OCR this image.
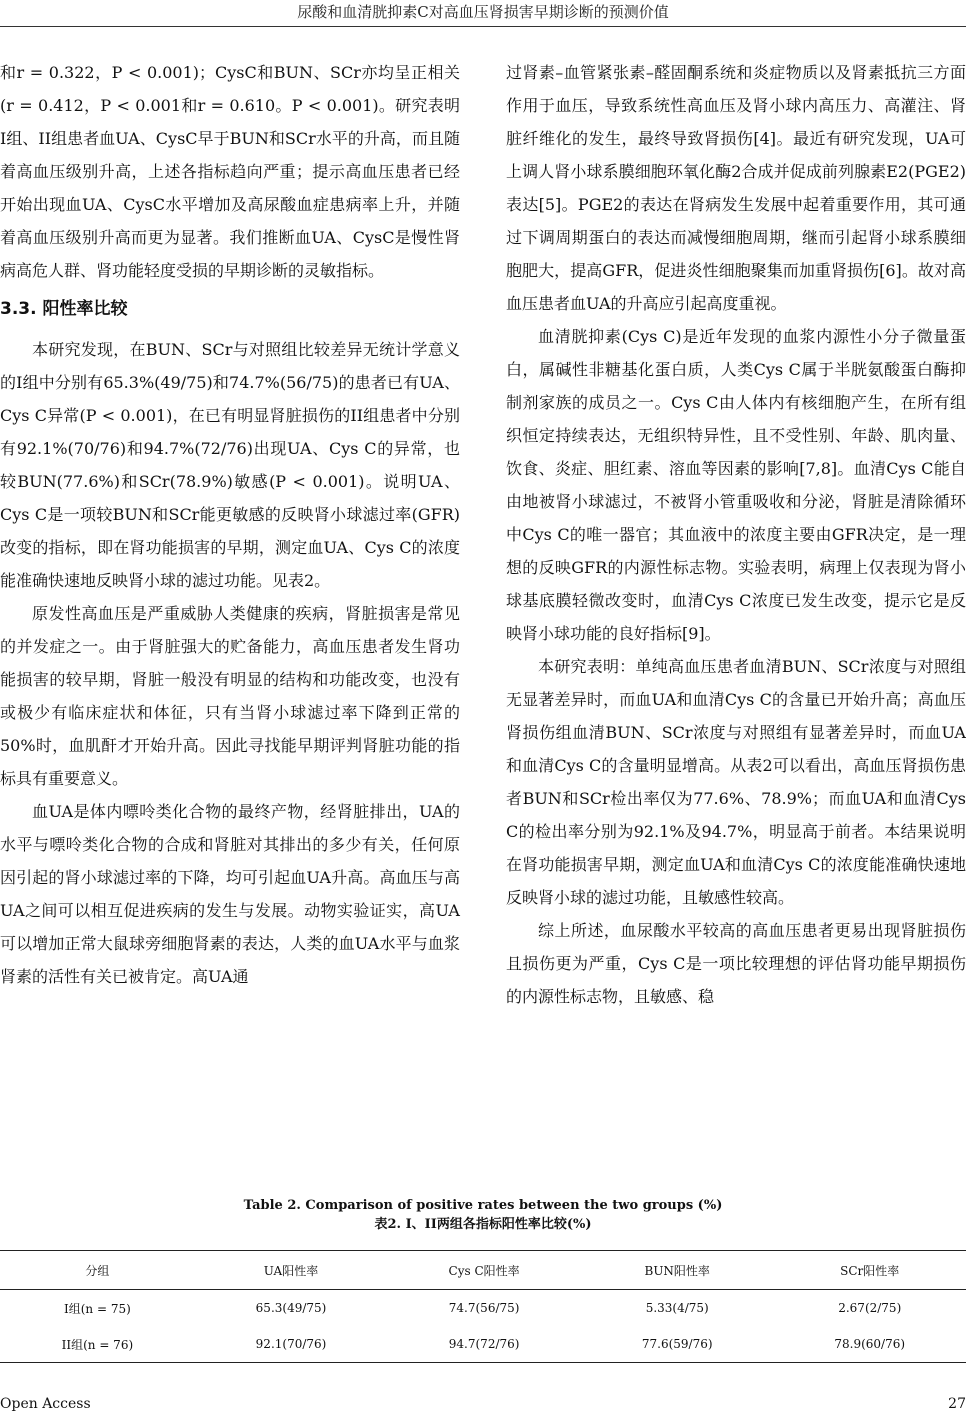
尿酸和血清胱抑素C对高血压肾损害早期诊断的预测价值

和r = 0.322，P < 0.001)；CysC和BUN、SCr亦均呈正相关(r = 0.412，P < 0.001和r = 0.610。P < 0.001)。研究表明I组、II组患者血UA、CysC早于BUN和SCr水平的升高，而且随着高血压级别升高，上述各指标趋向严重；提示高血压患者已经开始出现血UA、CysC水平增加及高尿酸血症患病率上升，并随着高血压级别升高而更为显著。我们推断血UA、CysC是慢性肾病高危人群、肾功能轻度受损的早期诊断的灵敏指标。

3.3. 阳性率比较

本研究发现，在BUN、SCr与对照组比较差异无统计学意义的I组中分别有65.3%(49/75)和74.7%(56/75)的患者已有UA、Cys C异常(P < 0.001)，在已有明显肾脏损伤的II组患者中分别有92.1%(70/76)和94.7%(72/76)出现UA、Cys C的异常，也较BUN(77.6%)和SCr(78.9%)敏感(P < 0.001)。说明UA、Cys C是一项较BUN和SCr能更敏感的反映肾小球滤过率(GFR)改变的指标，即在肾功能损害的早期，测定血UA、Cys C的浓度能准确快速地反映肾小球的滤过功能。见表2。

原发性高血压是严重威胁人类健康的疾病，肾脏损害是常见的并发症之一。由于肾脏强大的贮备能力，高血压患者发生肾功能损害的较早期，肾脏一般没有明显的结构和功能改变，也没有或极少有临床症状和体征，只有当肾小球滤过率下降到正常的50%时，血肌酐才开始升高。因此寻找能早期评判肾脏功能的指标具有重要意义。

血UA是体内嘌呤类化合物的最终产物，经肾脏排出，UA的水平与嘌呤类化合物的合成和肾脏对其排出的多少有关，任何原因引起的肾小球滤过率的下降，均可引起血UA升高。高血压与高UA之间可以相互促进疾病的发生与发展。动物实验证实，高UA可以增加正常大鼠球旁细胞肾素的表达，人类的血UA水平与血浆肾素的活性有关已被肯定。高UA通

过肾素–血管紧张素–醛固酮系统和炎症物质以及肾素抵抗三方面作用于血压，导致系统性高血压及肾小球内高压力、高灌注、肾脏纤维化的发生，最终导致肾损伤[4]。最近有研究发现，UA可上调人肾小球系膜细胞环氧化酶2合成并促成前列腺素E2(PGE2)表达[5]。PGE2的表达在肾病发生发展中起着重要作用，其可通过下调周期蛋白的表达而减慢细胞周期，继而引起肾小球系膜细胞肥大，提高GFR，促进炎性细胞聚集而加重肾损伤[6]。故对高血压患者血UA的升高应引起高度重视。

血清胱抑素(Cys C)是近年发现的血浆内源性小分子微量蛋白，属碱性非糖基化蛋白质，人类Cys C属于半胱氨酸蛋白酶抑制剂家族的成员之一。Cys C由人体内有核细胞产生，在所有组织恒定持续表达，无组织特异性，且不受性别、年龄、肌肉量、饮食、炎症、胆红素、溶血等因素的影响[7,8]。血清Cys C能自由地被肾小球滤过，不被肾小管重吸收和分泌，肾脏是清除循环中Cys C的唯一器官；其血液中的浓度主要由GFR决定，是一理想的反映GFR的内源性标志物。实验表明，病理上仅表现为肾小球基底膜轻微改变时，血清Cys C浓度已发生改变，提示它是反映肾小球功能的良好指标[9]。

本研究表明：单纯高血压患者血清BUN、SCr浓度与对照组无显著差异时，而血UA和血清Cys C的含量已开始升高；高血压肾损伤组血清BUN、SCr浓度与对照组有显著差异时，而血UA和血清Cys C的含量明显增高。从表2可以看出，高血压肾损伤患者BUN和SCr检出率仅为77.6%、78.9%；而血UA和血清Cys C的检出率分别为92.1%及94.7%，明显高于前者。本结果说明在肾功能损害早期，测定血UA和血清Cys C的浓度能准确快速地反映肾小球的滤过功能，且敏感性较高。

综上所述，血尿酸水平较高的高血压患者更易出现肾脏损伤且损伤更为严重，Cys C是一项比较理想的评估肾功能早期损伤的内源性标志物，且敏感、稳

Table 2. Comparison of positive rates between the two groups (%)
表2. I、II两组各指标阳性率比较(%)
分组	UA阳性率	Cys C阳性率	BUN阳性率	SCr阳性率
I组(n = 75)	65.3(49/75)	74.7(56/75)	5.33(4/75)	2.67(2/75)
II组(n = 76)	92.1(70/76)	94.7(72/76)	77.6(59/76)	78.9(60/76)
Open Access	27
